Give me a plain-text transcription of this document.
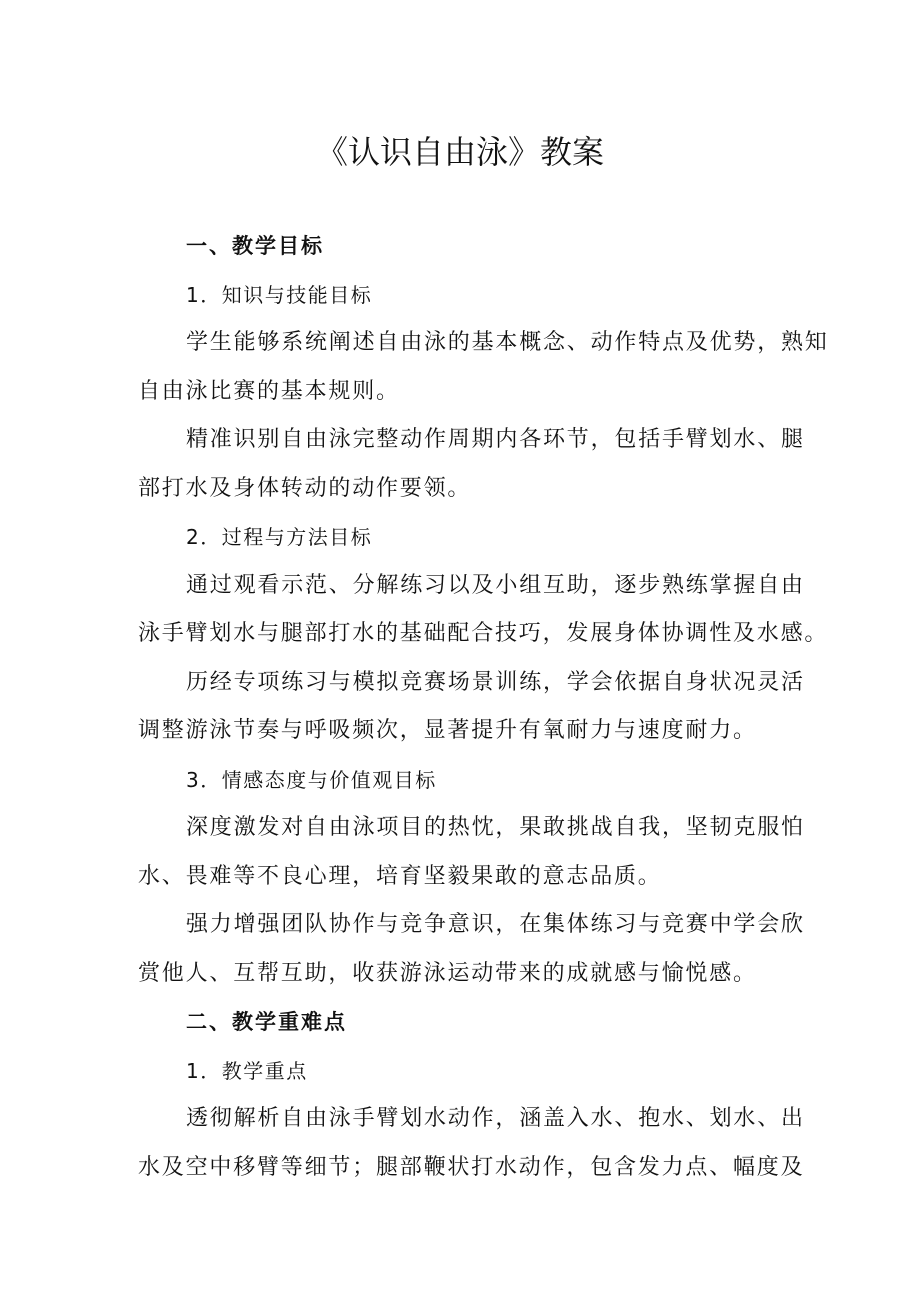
《认识自由泳》教案

一、教学目标

1．知识与技能目标

学生能够系统阐述自由泳的基本概念、动作特点及优势，熟知

自由泳比赛的基本规则。

精准识别自由泳完整动作周期内各环节，包括手臂划水、腿

部打水及身体转动的动作要领。

2．过程与方法目标

通过观看示范、分解练习以及小组互助，逐步熟练掌握自由

泳手臂划水与腿部打水的基础配合技巧，发展身体协调性及水感。

历经专项练习与模拟竞赛场景训练，学会依据自身状况灵活

调整游泳节奏与呼吸频次，显著提升有氧耐力与速度耐力。

3．情感态度与价值观目标

深度激发对自由泳项目的热忱，果敢挑战自我，坚韧克服怕

水、畏难等不良心理，培育坚毅果敢的意志品质。

强力增强团队协作与竞争意识，在集体练习与竞赛中学会欣

赏他人、互帮互助，收获游泳运动带来的成就感与愉悦感。

二、教学重难点

1．教学重点

透彻解析自由泳手臂划水动作，涵盖入水、抱水、划水、出

水及空中移臂等细节；腿部鞭状打水动作，包含发力点、幅度及
